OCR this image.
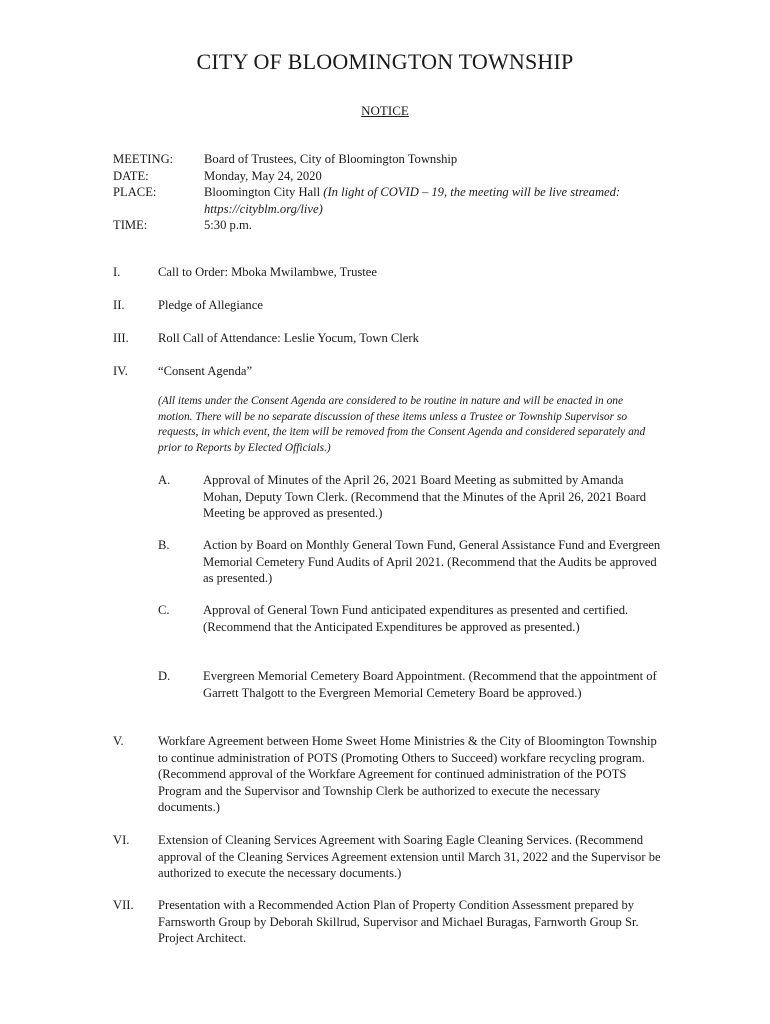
CITY OF BLOOMINGTON TOWNSHIP
NOTICE
MEETING:	Board of Trustees, City of Bloomington Township
DATE:	Monday, May 24, 2020
PLACE:	Bloomington City Hall (In light of COVID – 19, the meeting will be live streamed: https://cityblm.org/live)
TIME:	5:30 p.m.
I.	Call to Order: Mboka Mwilambwe, Trustee
II.	Pledge of Allegiance
III.	Roll Call of Attendance: Leslie Yocum, Town Clerk
IV.	“Consent Agenda”
(All items under the Consent Agenda are considered to be routine in nature and will be enacted in one motion. There will be no separate discussion of these items unless a Trustee or Township Supervisor so requests, in which event, the item will be removed from the Consent Agenda and considered separately and prior to Reports by Elected Officials.)
A.	Approval of Minutes of the April 26, 2021 Board Meeting as submitted by Amanda Mohan, Deputy Town Clerk. (Recommend that the Minutes of the April 26, 2021 Board Meeting be approved as presented.)
B.	Action by Board on Monthly General Town Fund, General Assistance Fund and Evergreen Memorial Cemetery Fund Audits of April 2021. (Recommend that the Audits be approved as presented.)
C.	Approval of General Town Fund anticipated expenditures as presented and certified. (Recommend that the Anticipated Expenditures be approved as presented.)
D.	Evergreen Memorial Cemetery Board Appointment. (Recommend that the appointment of Garrett Thalgott to the Evergreen Memorial Cemetery Board be approved.)
V.	Workfare Agreement between Home Sweet Home Ministries & the City of Bloomington Township to continue administration of POTS (Promoting Others to Succeed) workfare recycling program. (Recommend approval of the Workfare Agreement for continued administration of the POTS Program and the Supervisor and Township Clerk be authorized to execute the necessary documents.)
VI.	Extension of Cleaning Services Agreement with Soaring Eagle Cleaning Services. (Recommend approval of the Cleaning Services Agreement extension until March 31, 2022 and the Supervisor be authorized to execute the necessary documents.)
VII.	Presentation with a Recommended Action Plan of Property Condition Assessment prepared by Farnsworth Group by Deborah Skillrud, Supervisor and Michael Buragas, Farnworth Group Sr. Project Architect.
